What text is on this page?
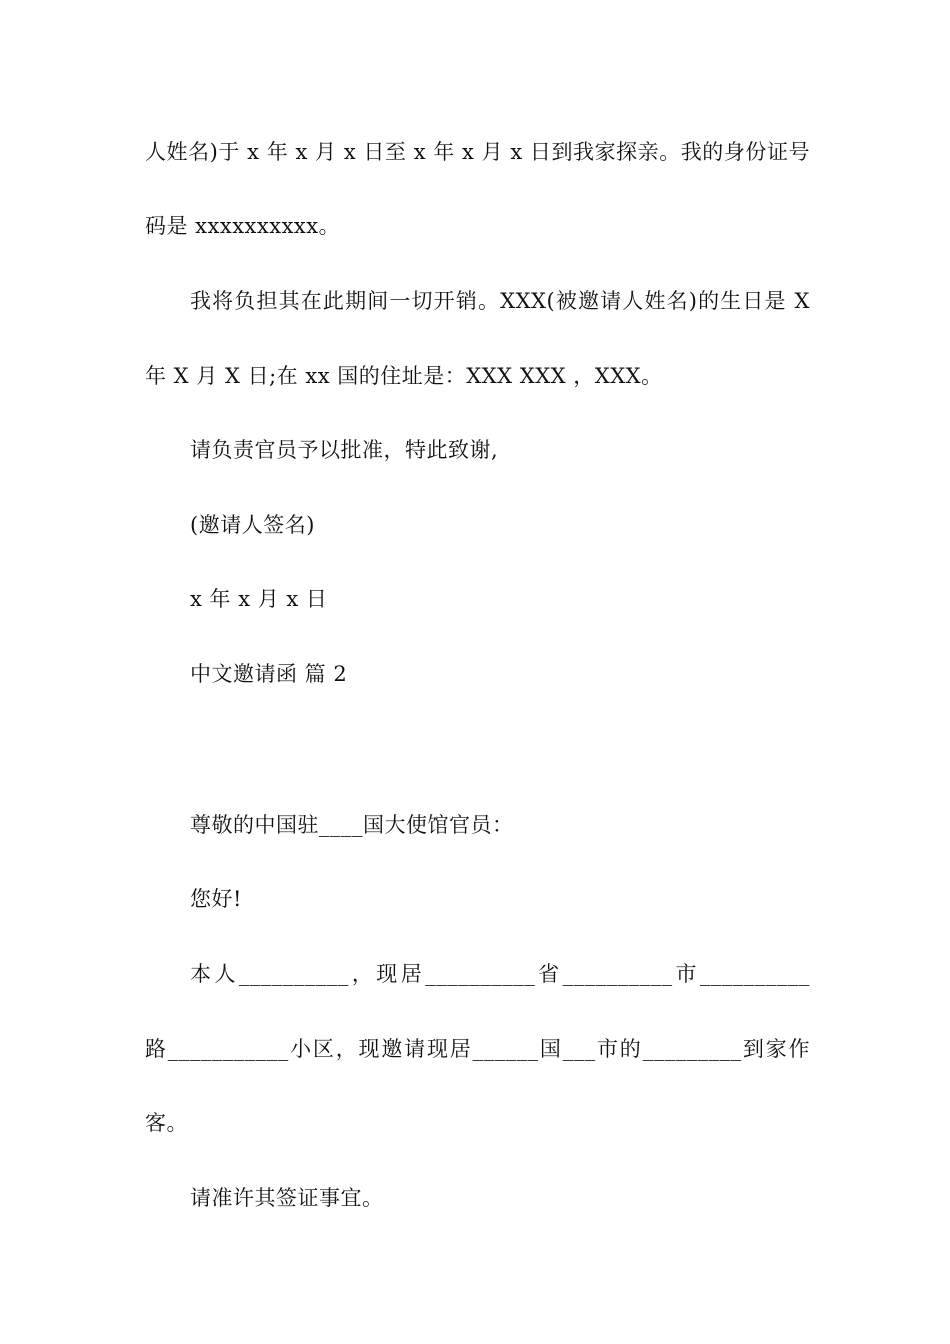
人姓名)于 x 年 x 月 x 日至 x 年 x 月 x 日到我家探亲。我的身份证号
码是 xxxxxxxxxx。
我将负担其在此期间一切开销。XXX(被邀请人姓名)的生日是 X
年 X 月 X 日;在 xx 国的住址是：XXX XXX ，XXX。
请负责官员予以批准，特此致谢,
(邀请人签名)
x 年 x 月 x 日
中文邀请函 篇 2
尊敬的中国驻____国大使馆官员：
您好!
本人__________，现居__________省__________市__________
路___________小区，现邀请现居______国___市的_________到家作
客。
请准许其签证事宜。
